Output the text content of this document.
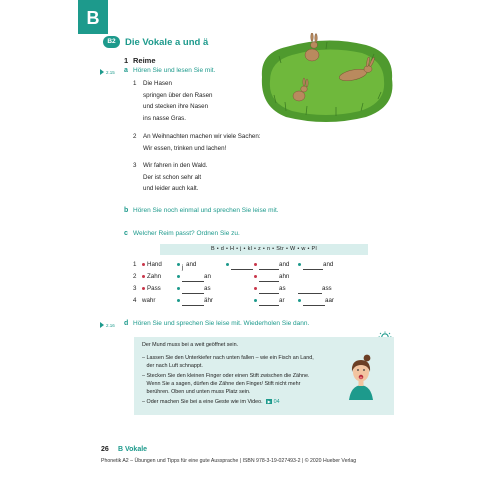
B
B2 Die Vokale a und ä
1 Reime
2.15 a Hören Sie und lesen Sie mit.
1 Die Hasen
springen über den Rasen
und stecken ihre Nasen
ins nasse Gras.
2 An Weihnachten machen wir viele Sachen:
Wir essen, trinken und lachen!
3 Wir fahren in den Wald.
Der ist schon sehr alt
und leider auch kalt.
b Hören Sie noch einmal und sprechen Sie leise mit.
c Welcher Reim passt? Ordnen Sie zu.
B • d • H • j • kl • z • n • Str • W • w • Pl
1	Hand	j and	and	and
2	Zahn	an	ahn
3	Pass	as	as	ass
4 wahr	ähr	ar	aar
2.16 d Hören Sie und sprechen Sie leise mit. Wiederholen Sie dann.
Der Mund muss bei a weit geöffnet sein.
– Lassen Sie den Unterkiefer nach unten fallen – wie ein Fisch an Land,
der nach Luft schnappt.
– Stecken Sie den kleinen Finger oder einen Stift zwischen die Zähne.
Wenn Sie a sagen, dürfen die Zähne den Finger/ Stift nicht mehr
berühren. Oben und unten muss Platz sein.
– Oder machen Sie bei a eine Geste wie im Video. ▶ 04
26 B Vokale
Phonetik A2 – Übungen und Tipps für eine gute Aussprache | ISBN 978-3-19-027493-2 | © 2020 Hueber Verlag
